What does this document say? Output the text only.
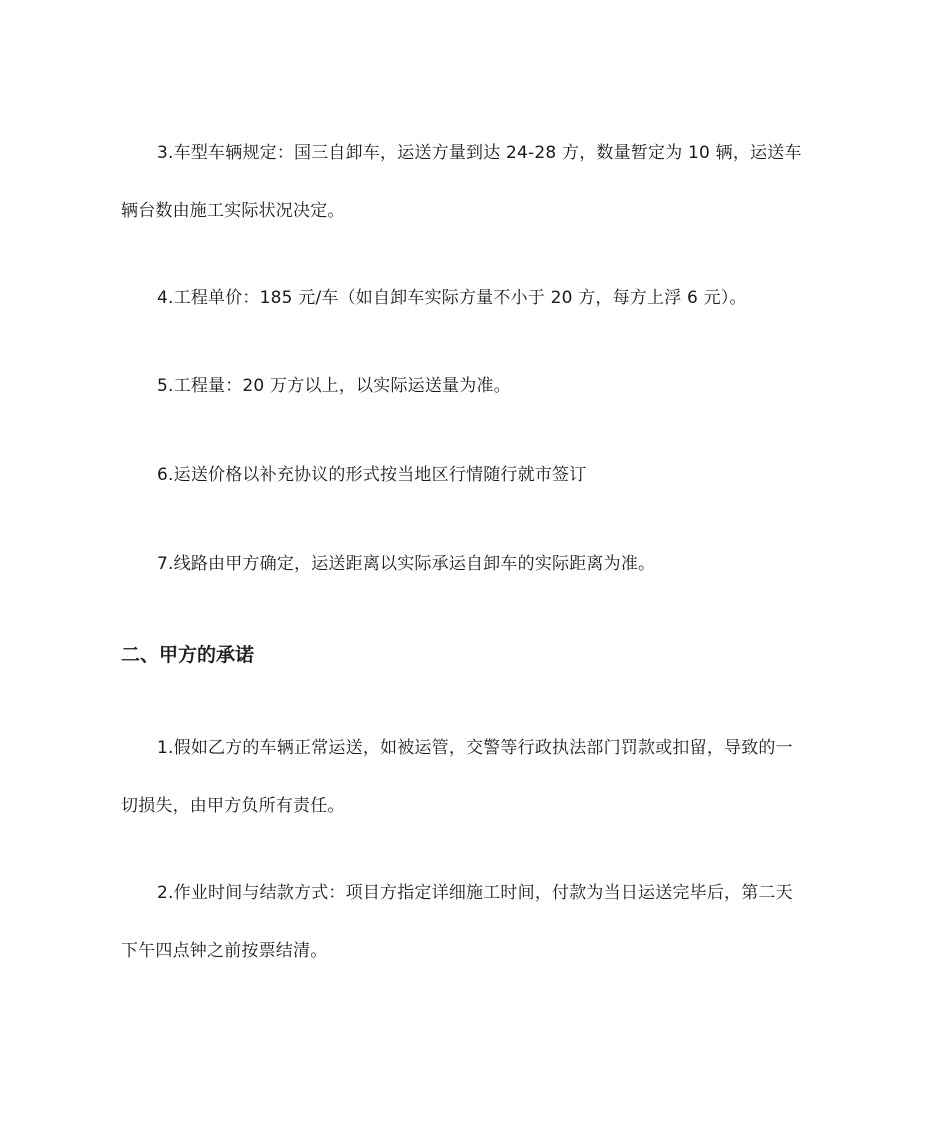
3.车型车辆规定：国三自卸车，运送方量到达 24-28 方，数量暂定为 10 辆，运送车
辆台数由施工实际状况决定。
4.工程单价：185 元/车（如自卸车实际方量不小于 20 方，每方上浮 6 元）。
5.工程量：20 万方以上，以实际运送量为准。
6.运送价格以补充协议的形式按当地区行情随行就市签订
7.线路由甲方确定，运送距离以实际承运自卸车的实际距离为准。
二、甲方的承诺
1.假如乙方的车辆正常运送，如被运管，交警等行政执法部门罚款或扣留，导致的一
切损失，由甲方负所有责任。
2.作业时间与结款方式：项目方指定详细施工时间，付款为当日运送完毕后，第二天
下午四点钟之前按票结清。
